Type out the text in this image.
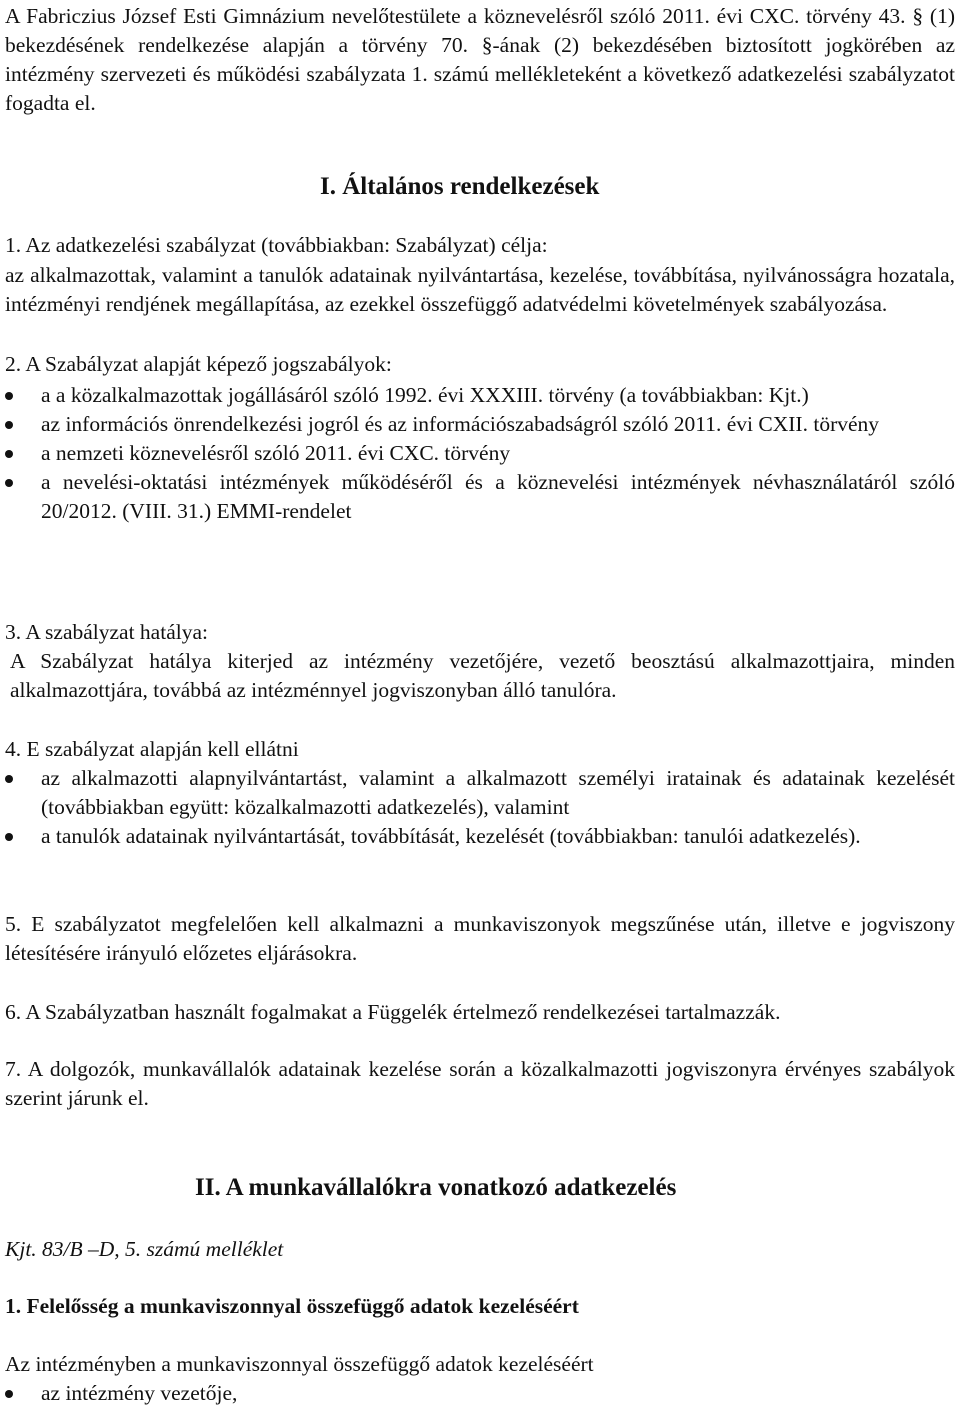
A Fabriczius József Esti Gimnázium nevelőtestülete a köznevelésről szóló 2011. évi CXC. törvény 43. § (1) bekezdésének rendelkezése alapján a törvény 70. §-ának (2) bekezdésében biztosított jogkörében az intézmény szervezeti és működési szabályzata 1. számú mellékleteként a következő adatkezelési szabályzatot fogadta el.
I. Általános rendelkezések
1. Az adatkezelési szabályzat (továbbiakban: Szabályzat) célja:
az alkalmazottak, valamint a tanulók adatainak nyilvántartása, kezelése, továbbítása, nyilvánosságra hozatala, intézményi rendjének megállapítása, az ezekkel összefüggő adatvédelmi követelmények szabályozása.
2. A Szabályzat alapját képező jogszabályok:
a a közalkalmazottak jogállásáról szóló 1992. évi XXXIII. törvény (a továbbiakban: Kjt.)
az információs önrendelkezési jogról és az információszabadságról szóló 2011. évi CXII. törvény
a nemzeti köznevelésről szóló 2011. évi CXC. törvény
a nevelési-oktatási intézmények működéséről és a köznevelési intézmények névhasználatáról szóló 20/2012. (VIII. 31.) EMMI-rendelet
3. A szabályzat hatálya:
A Szabályzat hatálya kiterjed az intézmény vezetőjére, vezető beosztású alkalmazottjaira, minden alkalmazottjára, továbbá az intézménnyel jogviszonyban álló tanulóra.
4. E szabályzat alapján kell ellátni
az alkalmazotti alapnyilvántartást, valamint a alkalmazott személyi iratainak és adatainak kezelését (továbbiakban együtt: közalkalmazotti adatkezelés), valamint
a tanulók adatainak nyilvántartását, továbbítását, kezelését (továbbiakban: tanulói adatkezelés).
5. E szabályzatot megfelelően kell alkalmazni a munkaviszonyok megszűnése után, illetve e jogviszony létesítésére irányuló előzetes eljárásokra.
6. A Szabályzatban használt fogalmakat a Függelék értelmező rendelkezései tartalmazzák.
7. A dolgozók, munkavállalók adatainak kezelése során a közalkalmazotti jogviszonyra érvényes szabályok szerint járunk el.
II. A munkavállalókra vonatkozó adatkezelés
Kjt. 83/B –D, 5. számú melléklet
1. Felelősség a munkaviszonnyal összefüggő adatok kezeléséért
Az intézményben a munkaviszonnyal összefüggő adatok kezeléséért
az intézmény vezetője,
